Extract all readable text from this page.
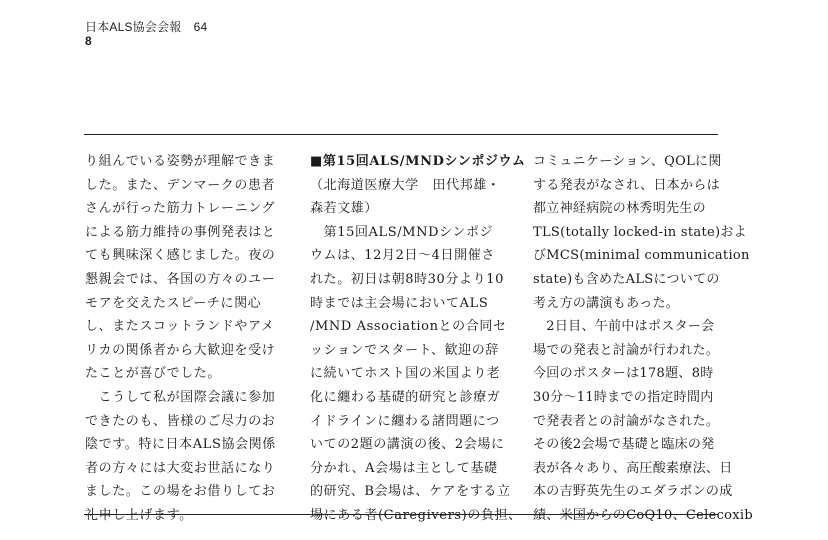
日本ALS協会会報　64
8
り組んでいる姿勢が理解できま
した。また、デンマークの患者
さんが行った筋力トレーニング
による筋力維持の事例発表はと
ても興味深く感じました。夜の
懇親会では、各国の方々のユー
モアを交えたスピーチに関心
し、またスコットランドやアメ
リカの関係者から大歓迎を受け
たことが喜びでした。
　こうして私が国際会議に参加
できたのも、皆様のご尽力のお
陰です。特に日本ALS協会関係
者の方々には大変お世話になり
ました。この場をお借りしてお
礼申し上げます。
■第15回ALS/MNDシンポジウム
（北海道医療大学　田代邦雄・
森若文雄）
　第15回ALS/MNDシンポジ
ウムは、12月2日～4日開催さ
れた。初日は朝8時30分より10
時までは主会場においてALS
/MND Associationとの合同セ
ッションでスタート、歓迎の辞
に続いてホスト国の米国より老
化に纏わる基礎的研究と診療ガ
イドラインに纏わる諸問題につ
いての2題の講演の後、2会場に
分かれ、A会場は主として基礎
的研究、B会場は、ケアをする立
場にある者(Caregivers)の負担、
コミュニケーション、QOLに関
する発表がなされ、日本からは
都立神経病院の林秀明先生の
TLS(totally locked-in state)およ
びMCS(minimal communication
state)も含めたALSについての
考え方の講演もあった。
　2日目、午前中はポスター会
場での発表と討論が行われた。
今回のポスターは178題、8時
30分～11時までの指定時間内
で発表者との討論がなされた。
その後2会場で基礎と臨床の発
表が各々あり、高圧酸素療法、日
本の吉野英先生のエダラボンの成
績、米国からのCoQ10、Celecoxib
